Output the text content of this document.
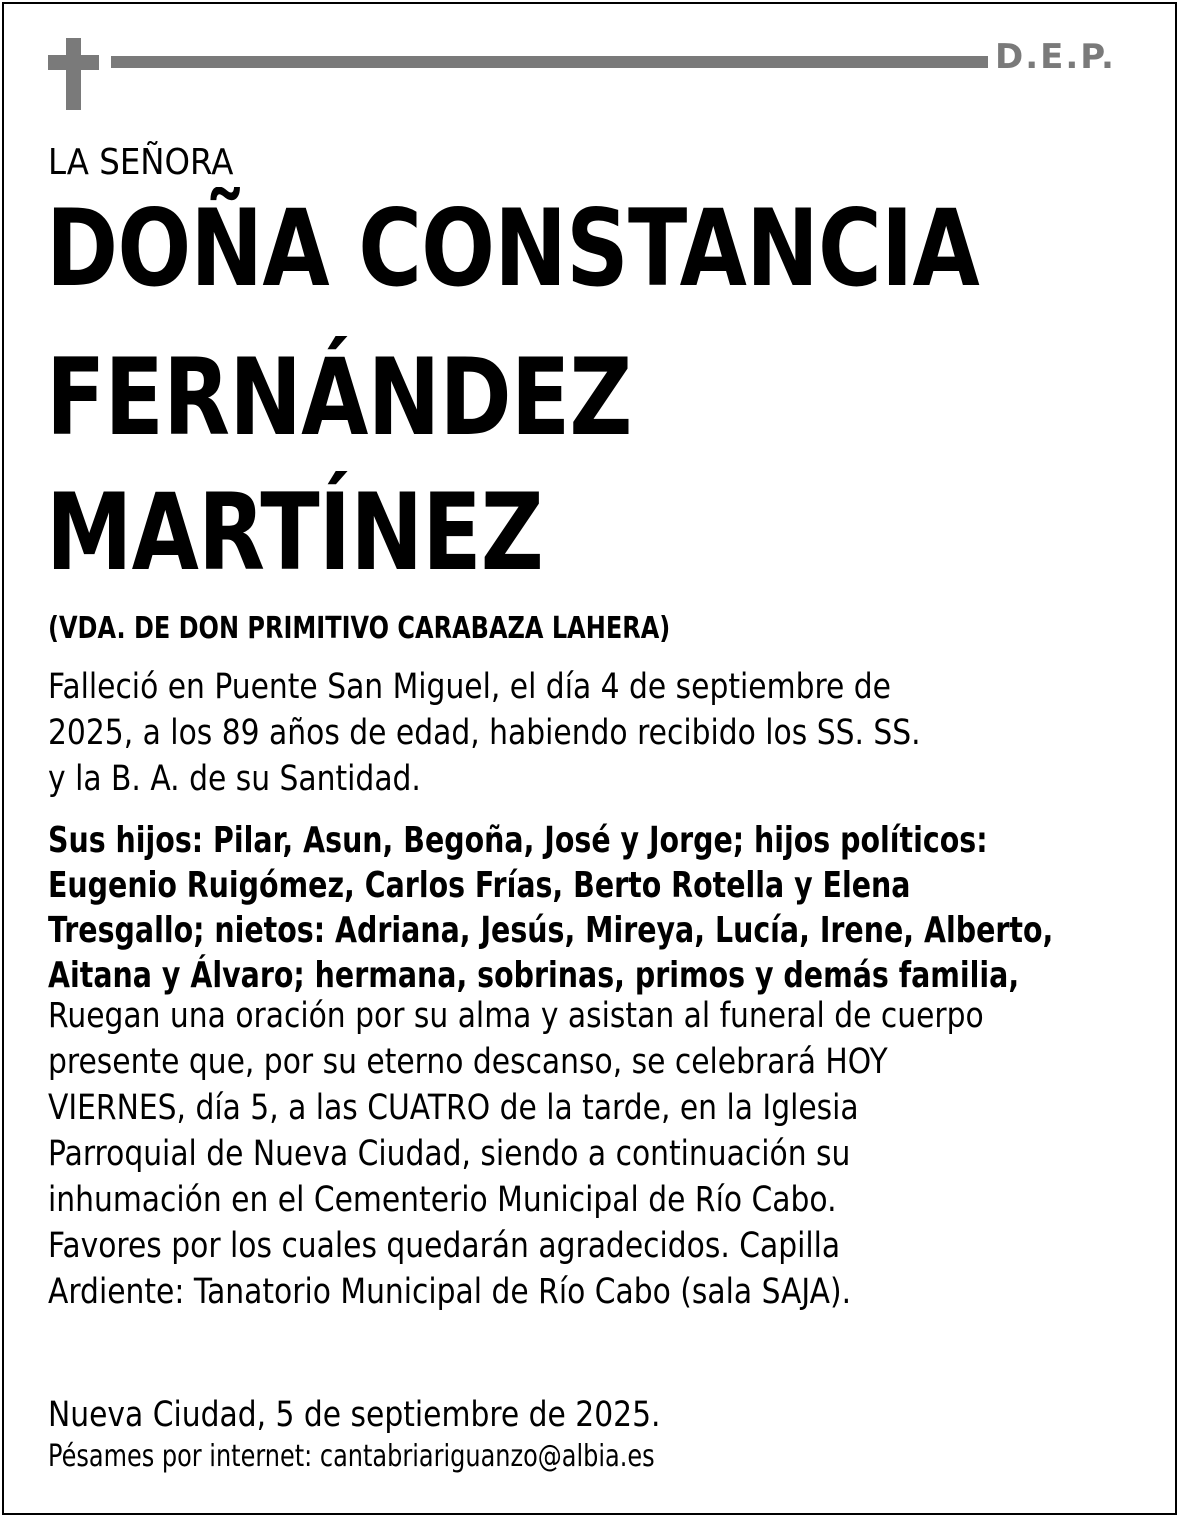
D.E.P.
LA SEÑORA
DOÑA CONSTANCIA
FERNÁNDEZ
MARTÍNEZ
(VDA. DE DON PRIMITIVO CARABAZA LAHERA)
Falleció en Puente San Miguel, el día 4 de septiembre de
2025, a los 89 años de edad, habiendo recibido los SS. SS.
y la B. A. de su Santidad.
Sus hijos: Pilar, Asun, Begoña, José y Jorge; hijos políticos:
Eugenio Ruigómez, Carlos Frías, Berto Rotella y Elena
Tresgallo; nietos: Adriana, Jesús, Mireya, Lucía, Irene, Alberto,
Aitana y Álvaro; hermana, sobrinas, primos y demás familia,
Ruegan una oración por su alma y asistan al funeral de cuerpo
presente que, por su eterno descanso, se celebrará HOY
VIERNES, día 5, a las CUATRO de la tarde, en la Iglesia
Parroquial de Nueva Ciudad, siendo a continuación su
inhumación en el Cementerio Municipal de Río Cabo.
Favores por los cuales quedarán agradecidos. Capilla
Ardiente: Tanatorio Municipal de Río Cabo (sala SAJA).
Nueva Ciudad, 5 de septiembre de 2025.
Pésames por internet: cantabriariguanzo@albia.es
